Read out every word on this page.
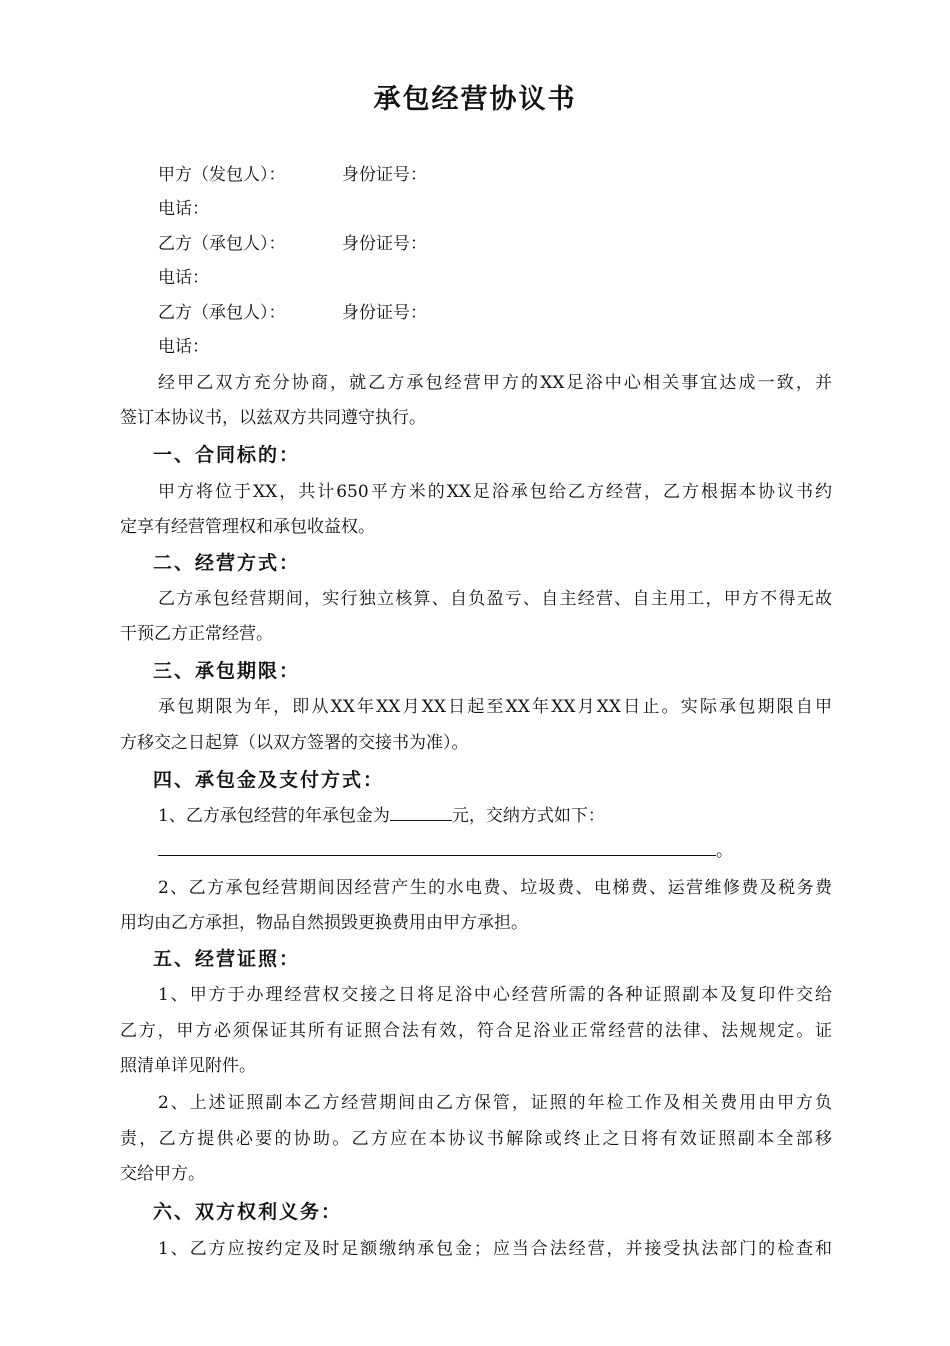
承包经营协议书
甲方（发包人）：	身份证号：
电话：
乙方（承包人）：	身份证号：
电话：
乙方（承包人）：	身份证号：
电话：
经甲乙双方充分协商，就乙方承包经营甲方的XX足浴中心相关事宜达成一致，并
签订本协议书，以兹双方共同遵守执行。
一、合同标的：
甲方将位于XX，共计650平方米的XX足浴承包给乙方经营，乙方根据本协议书约
定享有经营管理权和承包收益权。
二、经营方式：
乙方承包经营期间，实行独立核算、自负盈亏、自主经营、自主用工，甲方不得无故
干预乙方正常经营。
三、承包期限：
承包期限为年，即从XX年XX月XX日起至XX年XX月XX日止。实际承包期限自甲
方移交之日起算（以双方签署的交接书为准）。
四、承包金及支付方式：
1、乙方承包经营的年承包金为	元，交纳方式如下：
。
2、乙方承包经营期间因经营产生的水电费、垃圾费、电梯费、运营维修费及税务费
用均由乙方承担，物品自然损毁更换费用由甲方承担。
五、经营证照：
1、甲方于办理经营权交接之日将足浴中心经营所需的各种证照副本及复印件交给
乙方，甲方必须保证其所有证照合法有效，符合足浴业正常经营的法律、法规规定。证
照清单详见附件。
2、上述证照副本乙方经营期间由乙方保管，证照的年检工作及相关费用由甲方负
责，乙方提供必要的协助。乙方应在本协议书解除或终止之日将有效证照副本全部移
交给甲方。
六、双方权利义务：
1、乙方应按约定及时足额缴纳承包金；应当合法经营，并接受执法部门的检查和
